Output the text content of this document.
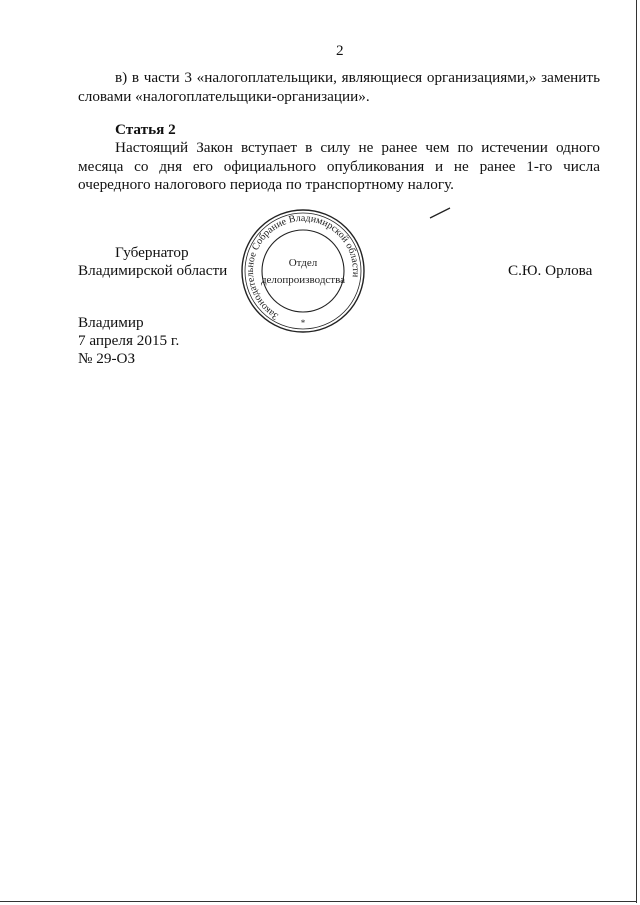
2
в) в части 3 «налогоплательщики, являющиеся организациями,» заменить словами «налогоплательщики-организации».
Статья 2
Настоящий Закон вступает в силу не ранее чем по истечении одного месяца со дня его официального опубликования и не ранее 1-го числа очередного налогового периода по транспортному налогу.
Губернатор
Владимирской области	С.Ю. Орлова
Законодательное Собрание Владимирской области
*
Отдел
делопроизводства
Владимир
7 апреля 2015 г.
№ 29-ОЗ
